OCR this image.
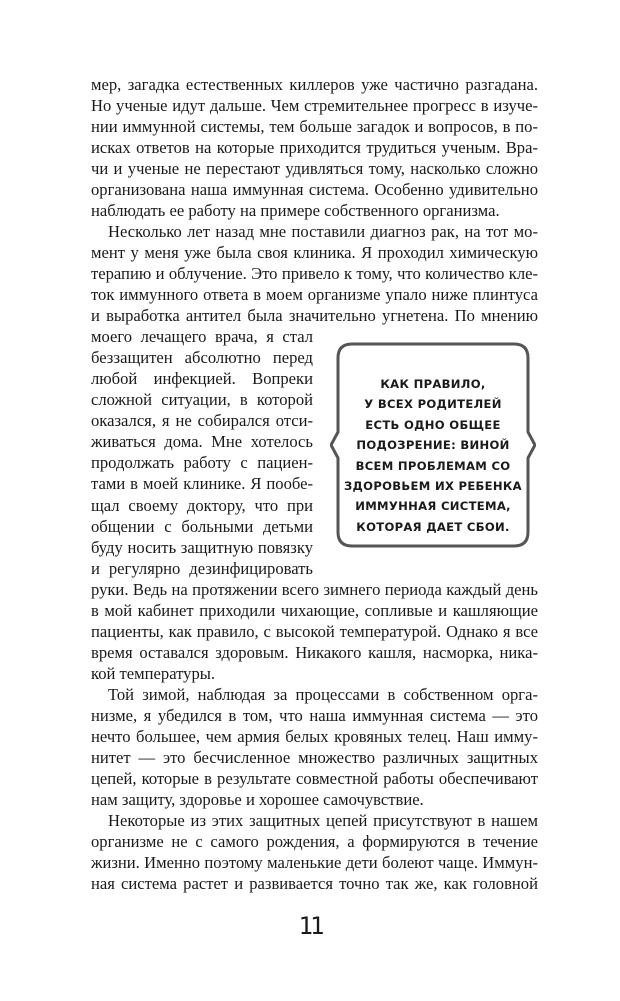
мер, загадка естественных киллеров уже частично разгадана.
Но ученые идут дальше. Чем стремительнее прогресс в изуче-
нии иммунной системы, тем больше загадок и вопросов, в по-
исках ответов на которые приходится трудиться ученым. Вра-
чи и ученые не перестают удивляться тому, насколько сложно
организована наша иммунная система. Особенно удивительно
наблюдать ее работу на примере собственного организма.
Несколько лет назад мне поставили диагноз рак, на тот мо-
мент у меня уже была своя клиника. Я проходил химическую
терапию и облучение. Это привело к тому, что количество кле-
ток иммунного ответа в моем организме упало ниже плинтуса
и выработка антител была значительно угнетена. По мнению
моего лечащего врача, я стал
беззащитен абсолютно перед
любой инфекцией. Вопреки
сложной ситуации, в которой
оказался, я не собирался отси-
живаться дома. Мне хотелось
продолжать работу с пациен-
тами в моей клинике. Я пообе-
щал своему доктору, что при
общении с больными детьми
буду носить защитную повязку
и регулярно дезинфицировать
руки. Ведь на протяжении всего зимнего периода каждый день
в мой кабинет приходили чихающие, сопливые и кашляющие
пациенты, как правило, с высокой температурой. Однако я все
время оставался здоровым. Никакого кашля, насморка, ника-
кой температуры.
Той зимой, наблюдая за процессами в собственном орга-
низме, я убедился в том, что наша иммунная система — это
нечто большее, чем армия белых кровяных телец. Наш имму-
нитет — это бесчисленное множество различных защитных
цепей, которые в результате совместной работы обеспечивают
нам защиту, здоровье и хорошее самочувствие.
Некоторые из этих защитных цепей присутствуют в нашем
организме не с самого рождения, а формируются в течение
жизни. Именно поэтому маленькие дети болеют чаще. Иммун-
ная система растет и развивается точно так же, как головной
КАК ПРАВИЛО,
У ВСЕХ РОДИТЕЛЕЙ
ЕСТЬ ОДНО ОБЩЕЕ
ПОДОЗРЕНИЕ: ВИНОЙ
ВСЕМ ПРОБЛЕМАМ СО
ЗДОРОВЬЕМ ИХ РЕБЕНКА
ИММУННАЯ СИСТЕМА,
КОТОРАЯ ДАЕТ СБОИ.
11
